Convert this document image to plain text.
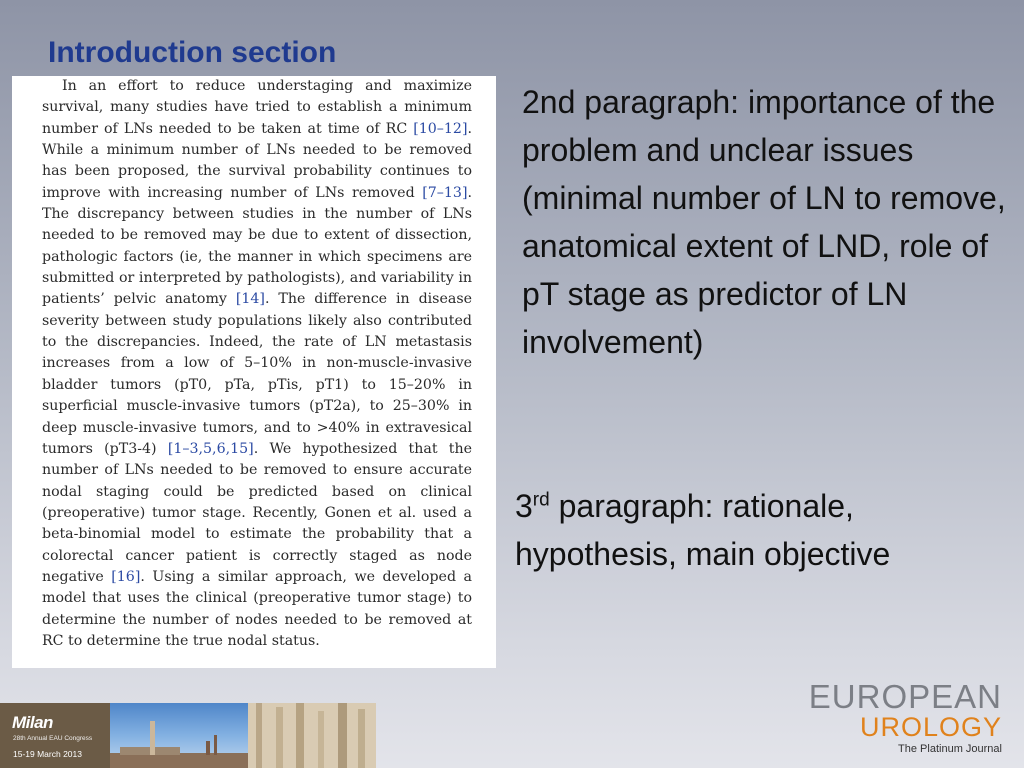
Introduction section

In an effort to reduce understaging and maximize survival, many studies have tried to establish a minimum number of LNs needed to be taken at time of RC [10–12]. While a minimum number of LNs needed to be removed has been proposed, the survival probability continues to improve with increasing number of LNs removed [7–13]. The discrepancy between studies in the number of LNs needed to be removed may be due to extent of dissection, pathologic factors (ie, the manner in which specimens are submitted or interpreted by pathologists), and variability in patients’ pelvic anatomy [14]. The difference in disease severity between study populations likely also contributed to the discrepancies. Indeed, the rate of LN metastasis increases from a low of 5–10% in non-muscle-invasive bladder tumors (pT0, pTa, pTis, pT1) to 15–20% in superficial muscle-invasive tumors (pT2a), to 25–30% in deep muscle-invasive tumors, and to >40% in extravesical tumors (pT3-4) [1–3,5,6,15]. We hypothesized that the number of LNs needed to be removed to ensure accurate nodal staging could be predicted based on clinical (preoperative) tumor stage. Recently, Gonen et al. used a beta-binomial model to estimate the probability that a colorectal cancer patient is correctly staged as node negative [16]. Using a similar approach, we developed a model that uses the clinical (preoperative tumor stage) to determine the number of nodes needed to be removed at RC to determine the true nodal status.

2nd paragraph: importance of the problem and unclear issues (minimal number of LN to remove, anatomical extent of LND, role of pT stage as predictor of LN involvement)

3rd paragraph: rationale, hypothesis, main objective

Milan
28th Annual EAU Congress
15-19 March 2013
EUROPEAN
UROLOGY
The Platinum Journal
